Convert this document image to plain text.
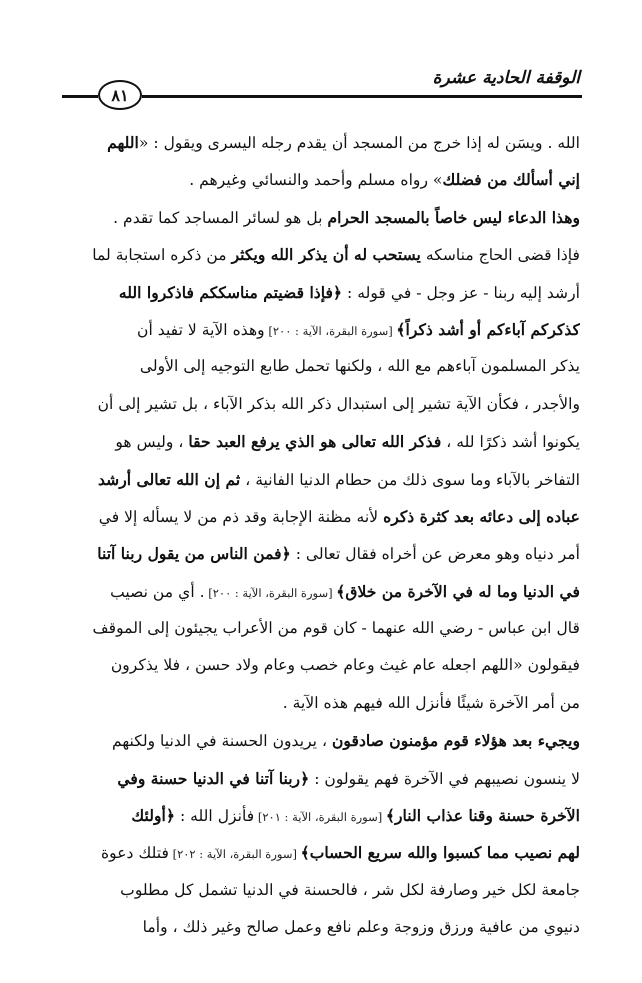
٨١
الوقفة الحادية عشرة
الله . ويسَن له إذا خرج من المسجد أن يقدم رجله اليسرى ويقول : «اللهم
إني أسألك من فضلك» رواه مسلم وأحمد والنسائي وغيرهم .
وهذا الدعاء ليس خاصاً بالمسجد الحرام بل هو لسائر المساجد كما تقدم .
فإذا قضى الحاج مناسكه يستحب له أن يذكر الله ويكثر من ذكره استجابة لما
أرشد إليه ربنا - عز وجل - في قوله : ﴿فإذا قضيتم مناسككم فاذكروا الله
كذكركم آباءكم أو أشد ذكراً﴾ [سورة البقرة، الآية : ٢٠٠] وهذه الآية لا تفيد أن
يذكر المسلمون آباءهم مع الله ، ولكنها تحمل طابع التوجيه إلى الأولى
والأجدر ، فكأن الآية تشير إلى استبدال ذكر الله بذكر الآباء ، بل تشير إلى أن
يكونوا أشد ذكرًا لله ، فذكر الله تعالى هو الذي يرفع العبد حقا ، وليس هو
التفاخر بالآباء وما سوى ذلك من حطام الدنيا الفانية ، ثم إن الله تعالى أرشد
عباده إلى دعائه بعد كثرة ذكره لأنه مظنة الإجابة وقد ذم من لا يسأله إلا في
أمر دنياه وهو معرض عن أخراه فقال تعالى : ﴿فمن الناس من يقول ربنا آتنا
في الدنيا وما له في الآخرة من خلاق﴾ [سورة البقرة، الآية : ٢٠٠] . أي من نصيب
قال ابن عباس - رضي الله عنهما - كان قوم من الأعراب يجيئون إلى الموقف
فيقولون «اللهم اجعله عام غيث وعام خصب وعام ولاد حسن ، فلا يذكرون
من أمر الآخرة شيئًا فأنزل الله فيهم هذه الآية .
ويجيء بعد هؤلاء قوم مؤمنون صادقون ، يريدون الحسنة في الدنيا ولكنهم
لا ينسون نصيبهم في الآخرة فهم يقولون : ﴿ربنا آتنا في الدنيا حسنة وفي
الآخرة حسنة وقنا عذاب النار﴾ [سورة البقرة، الآية : ٢٠١] فأنزل الله : ﴿أولئك
لهم نصيب مما كسبوا والله سريع الحساب﴾ [سورة البقرة، الآية : ٢٠٢] فتلك دعوة
جامعة لكل خير وصارفة لكل شر ، فالحسنة في الدنيا تشمل كل مطلوب
دنيوي من عافية ورزق وزوجة وعلم نافع وعمل صالح وغير ذلك ، وأما
